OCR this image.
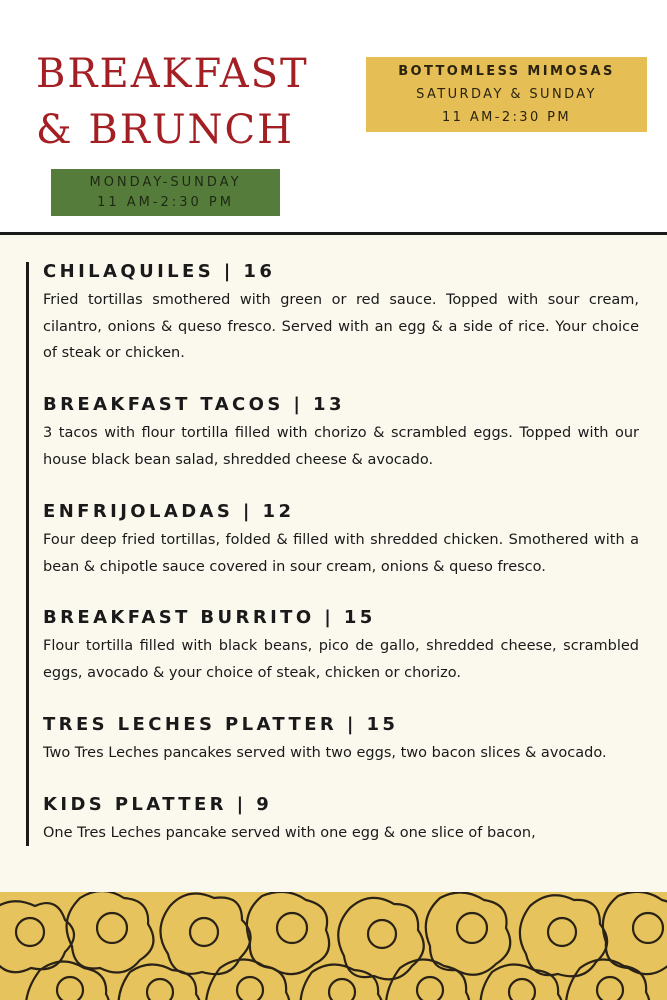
BREAKFAST
& BRUNCH
MONDAY-SUNDAY
11 AM-2:30 PM
BOTTOMLESS MIMOSAS
SATURDAY & SUNDAY
11 AM-2:30 PM
CHILAQUILES | 16

Fried tortillas smothered with green or red sauce. Topped with sour cream, cilantro, onions & queso fresco. Served with an egg & a side of rice. Your choice of steak or chicken.

BREAKFAST TACOS | 13

3 tacos with flour tortilla filled with chorizo & scrambled eggs. Topped with our house black bean salad, shredded cheese & avocado.

ENFRIJOLADAS | 12

Four deep fried tortillas, folded & filled with shredded chicken. Smothered with a bean & chipotle sauce covered in sour cream, onions & queso fresco.

BREAKFAST BURRITO | 15

Flour tortilla filled with black beans, pico de gallo, shredded cheese, scrambled eggs, avocado & your choice of steak, chicken or chorizo.

TRES LECHES PLATTER | 15

Two Tres Leches pancakes served with two eggs, two bacon slices & avocado.

KIDS PLATTER | 9

One Tres Leches pancake served with one egg & one slice of bacon,
